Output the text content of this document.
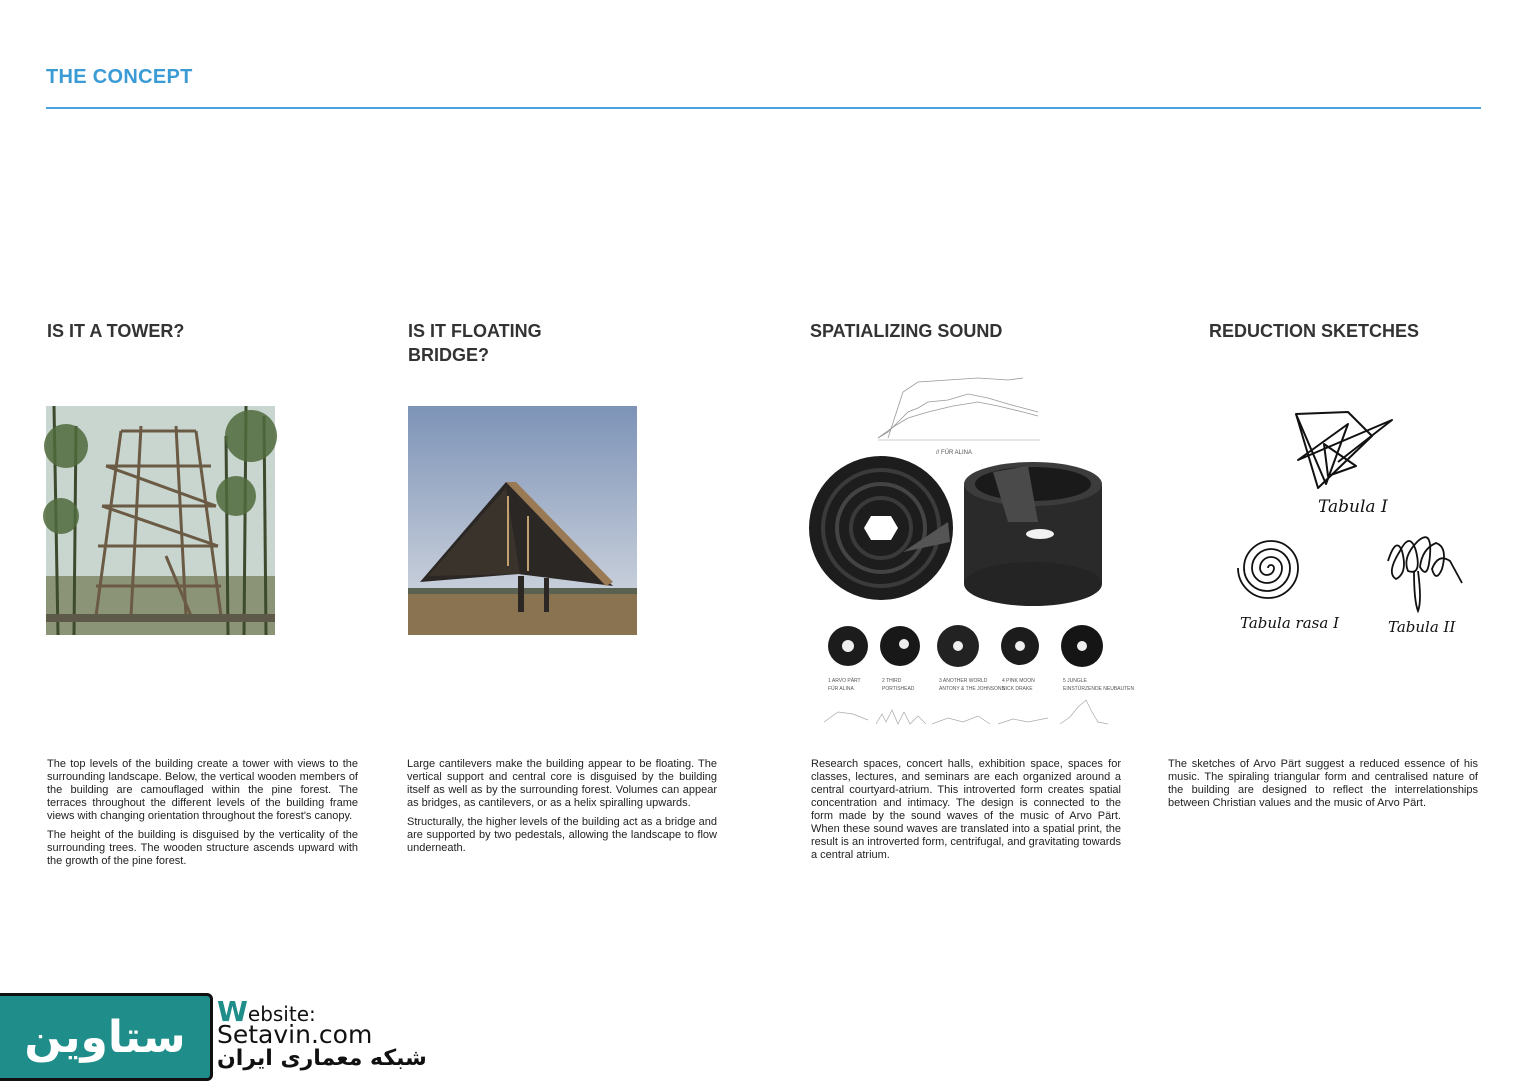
THE CONCEPT
IS IT A TOWER?

The top levels of the building create a tower with views to the surrounding landscape. Below, the vertical wooden members of the building are camouflaged within the pine forest. The terraces throughout the different levels of the building frame views with changing orientation throughout the forest's canopy.

The height of the building is disguised by the verticality of the surrounding trees. The wooden structure ascends upward with the growth of the pine forest.

IS IT FLOATING
BRIDGE?

Large cantilevers make the building appear to be floating. The vertical support and central core is disguised by the building itself as well as by the surrounding forest. Volumes can appear as bridges, as cantilevers, or as a helix spiralling upwards.

Structurally, the higher levels of the building act as a bridge and are supported by two pedestals, allowing the landscape to flow underneath.

SPATIALIZING SOUND
// FÜR ALINA
1 ARVO PÄRT
FÜR ALINA
2 THIRD
PORTISHEAD
3 ANOTHER WORLD
ANTONY & THE JOHNSONS
4 PINK MOON
NICK DRAKE
5 JUNGLE
EINSTÜRZENDE NEUBAUTEN

Research spaces, concert halls, exhibition space, spaces for classes, lectures, and seminars are each organized around a central courtyard-atrium. This introverted form creates spatial concentration and intimacy. The design is connected to the form made by the sound waves of the music of Arvo Pärt. When these sound waves are translated into a spatial print, the result is an introverted form, centrifugal, and gravitating towards a central atrium.

REDUCTION SKETCHES
Tabula I
Tabula rasa I	Tabula II

The sketches of Arvo Pärt suggest a reduced essence of his music. The spiraling triangular form and centralised nature of the building are designed to reflect the interrelationships between Christian values and the music of Arvo Pärt.

ستاوین
Website:
Setavin.com
شبکه معماری ایران
